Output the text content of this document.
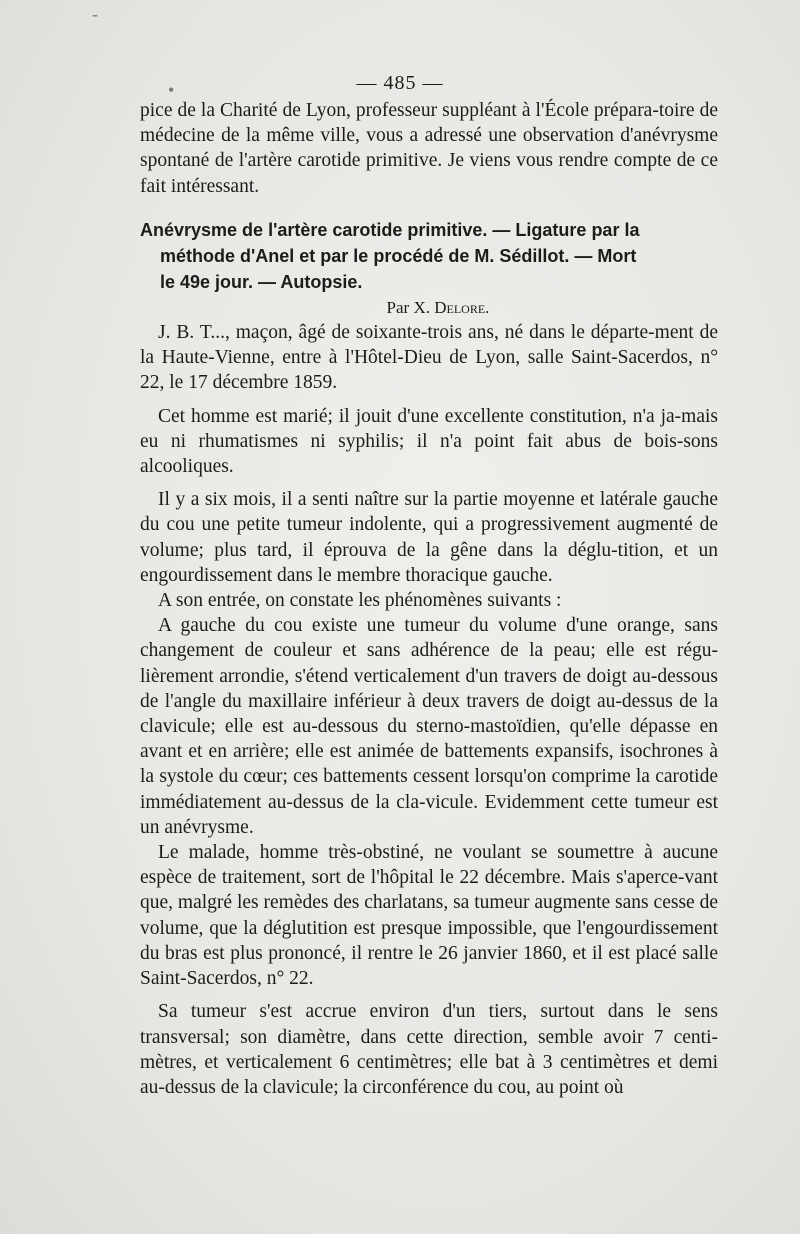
-
•	— 485 —

pice de la Charité de Lyon, professeur suppléant à l'École prépara-toire de médecine de la même ville, vous a adressé une observation d'anévrysme spontané de l'artère carotide primitive. Je viens vous rendre compte de ce fait intéressant.

Anévrysme de l'artère carotide primitive. — Ligature par la
méthode d'Anel et par le procédé de M. Sédillot. — Mort
le 49e jour. — Autopsie.

Par X. Delore.

J. B. T..., maçon, âgé de soixante-trois ans, né dans le départe-ment de la Haute-Vienne, entre à l'Hôtel-Dieu de Lyon, salle Saint-Sacerdos, n° 22, le 17 décembre 1859.

Cet homme est marié; il jouit d'une excellente constitution, n'a ja-mais eu ni rhumatismes ni syphilis; il n'a point fait abus de bois-sons alcooliques.

Il y a six mois, il a senti naître sur la partie moyenne et latérale gauche du cou une petite tumeur indolente, qui a progressivement augmenté de volume; plus tard, il éprouva de la gêne dans la déglu-tition, et un engourdissement dans le membre thoracique gauche.

A son entrée, on constate les phénomènes suivants :

A gauche du cou existe une tumeur du volume d'une orange, sans changement de couleur et sans adhérence de la peau; elle est régu-lièrement arrondie, s'étend verticalement d'un travers de doigt au-dessous de l'angle du maxillaire inférieur à deux travers de doigt au-dessus de la clavicule; elle est au-dessous du sterno-mastoïdien, qu'elle dépasse en avant et en arrière; elle est animée de battements expansifs, isochrones à la systole du cœur; ces battements cessent lorsqu'on comprime la carotide immédiatement au-dessus de la cla-vicule. Evidemment cette tumeur est un anévrysme.

Le malade, homme très-obstiné, ne voulant se soumettre à aucune espèce de traitement, sort de l'hôpital le 22 décembre. Mais s'aperce-vant que, malgré les remèdes des charlatans, sa tumeur augmente sans cesse de volume, que la déglutition est presque impossible, que l'engourdissement du bras est plus prononcé, il rentre le 26 janvier 1860, et il est placé salle Saint-Sacerdos, n° 22.

Sa tumeur s'est accrue environ d'un tiers, surtout dans le sens transversal; son diamètre, dans cette direction, semble avoir 7 centi-mètres, et verticalement 6 centimètres; elle bat à 3 centimètres et demi au-dessus de la clavicule; la circonférence du cou, au point où
